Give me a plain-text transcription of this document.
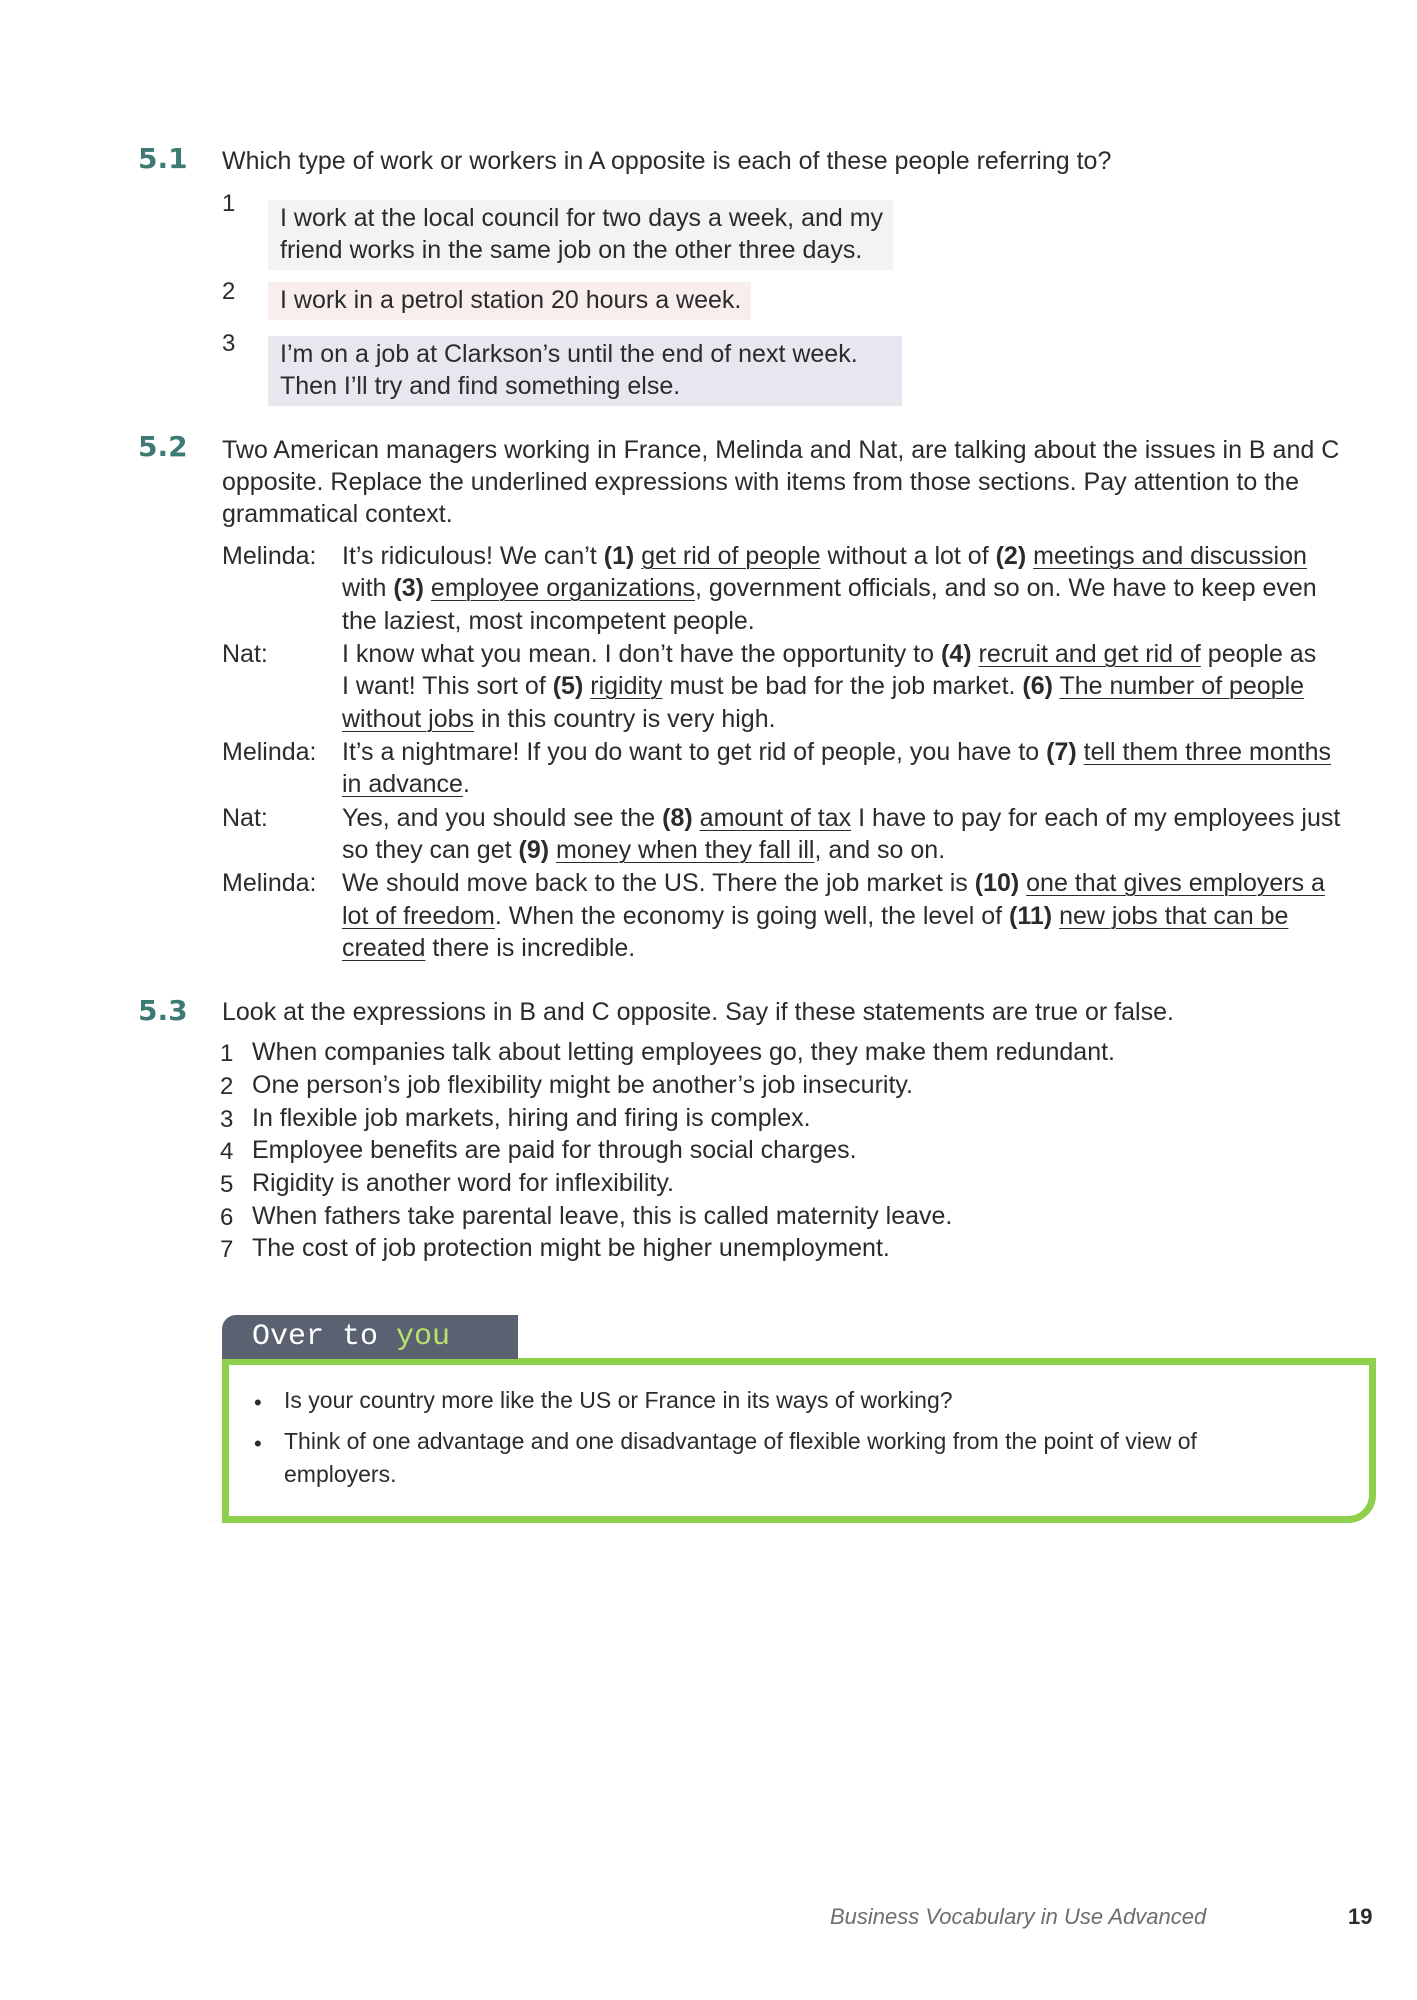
5.1 Which type of work or workers in A opposite is each of these people referring to?
1
I work at the local council for two days a week, and my
friend works in the same job on the other three days.
2 I work in a petrol station 20 hours a week.
3 I’m on a job at Clarkson’s until the end of next week.
Then I’ll try and find something else.
5.2 Two American managers working in France, Melinda and Nat, are talking about the issues in B and C
opposite. Replace the underlined expressions with items from those sections. Pay attention to the
grammatical context.
Melinda:
Nat:
Melinda:
Nat:
Melinda:
It’s ridiculous! We can’t (1) get rid of people without a lot of (2) meetings and discussion
with (3) employee organizations, government officials, and so on. We have to keep even
the laziest, most incompetent people.
I know what you mean. I don’t have the opportunity to (4) recruit and get rid of people as
I want! This sort of (5) rigidity must be bad for the job market. (6) The number of people
without jobs in this country is very high.
It’s a nightmare! If you do want to get rid of people, you have to (7) tell them three months
in advance.
Yes, and you should see the (8) amount of tax I have to pay for each of my employees just
so they can get (9) money when they fall ill, and so on.
We should move back to the US. There the job market is (10) one that gives employers a
lot of freedom. When the economy is going well, the level of (11) new jobs that can be
created there is incredible.
5.3 Look at the expressions in B and C opposite. Say if these statements are true or false.
1 When companies talk about letting employees go, they make them redundant.
2 One person’s job flexibility might be another’s job insecurity.
3 In flexible job markets, hiring and firing is complex.
4 Employee benefits are paid for through social charges.
5 Rigidity is another word for inflexibility.
6 When fathers take parental leave, this is called maternity leave.
7 The cost of job protection might be higher unemployment.
Over to you
• Is your country more like the US or France in its ways of working?
• Think of one advantage and one disadvantage of flexible working from the point of view of
employers.
Business Vocabulary in Use Advanced	19
